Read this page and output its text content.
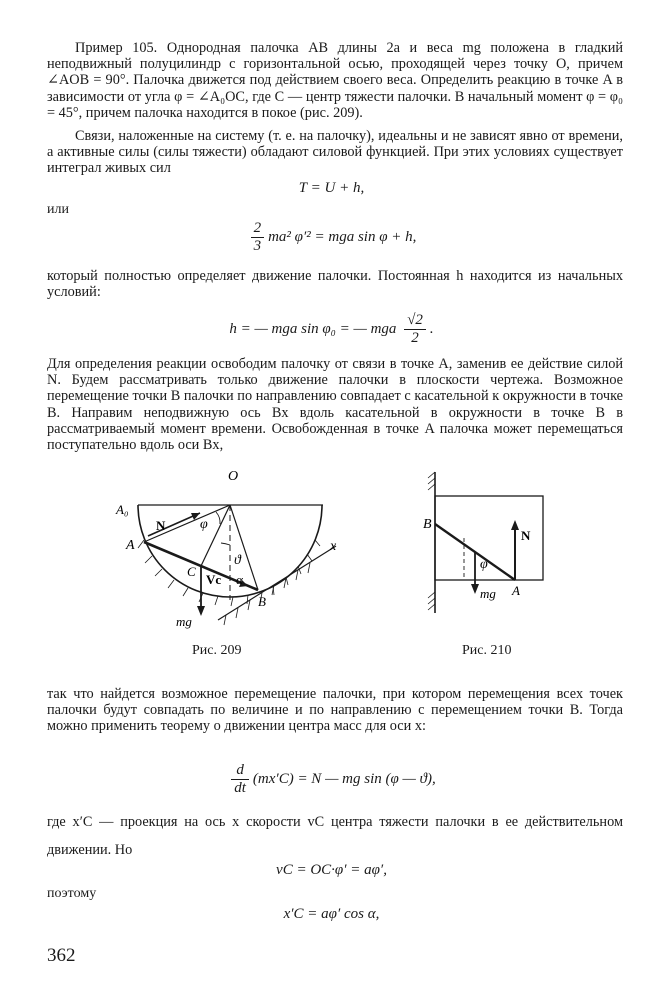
Пример 105. Однородная палочка AB длины 2a и веса mg положена в гладкий неподвижный полуцилиндр с горизонтальной осью, проходящей через точку O, причем ∠AOB = 90°. Палочка движется под действием своего веса. Определить реакцию в точке A в зависимости от угла φ = ∠A₀OC, где C — центр тяжести палочки. В начальный момент φ = φ₀ = 45°, причем палочка находится в покое (рис. 209).

Связи, наложенные на систему (т. е. на палочку), идеальны и не зависят явно от времени, а активные силы (силы тяжести) обладают силовой функцией. При этих условиях существует интеграл живых сил

T = U + h,

или

$\frac{2}{3} ma^2$ φ′² = mga sin φ + h,

который полностью определяет движение палочки. Постоянная h находится из начальных условий:

h = — mga sin φ₀ = — mga $\frac{√2}{2}$ .

Для определения реакции освободим палочку от связи в точке A, заменив ее действие силой N. Будем рассматривать только движение палочки в плоскости чертежа. Возможное перемещение точки B палочки по направлению совпадает с касательной к окружности в точке B. Направим неподвижную ось Bx вдоль касательной в окружности в точке B в рассматриваемый момент времени. Освобожденная в точке A палочка может перемещаться поступательно вдоль оси Bx,

O
A₀
A
N φ
C
Vc
ϑ
α
B
x
mg

Рис. 209

B
N
φ
A
mg

Рис. 210

так что найдется возможное перемещение палочки, при котором перемещения всех точек палочки будут совпадать по величине и по направлению с перемещением точки B. Тогда можно применить теорему о движении центра масс для оси x:

$\frac{d}{dt} (mx'C) = N$ — mg sin (φ — ϑ),

где x′C — проекция на ось x скорости vC центра тяжести палочки в ее действительном движении. Но

vC = OC·φ′ = aφ′,

поэтому

x′C = aφ′ cos α,

362
